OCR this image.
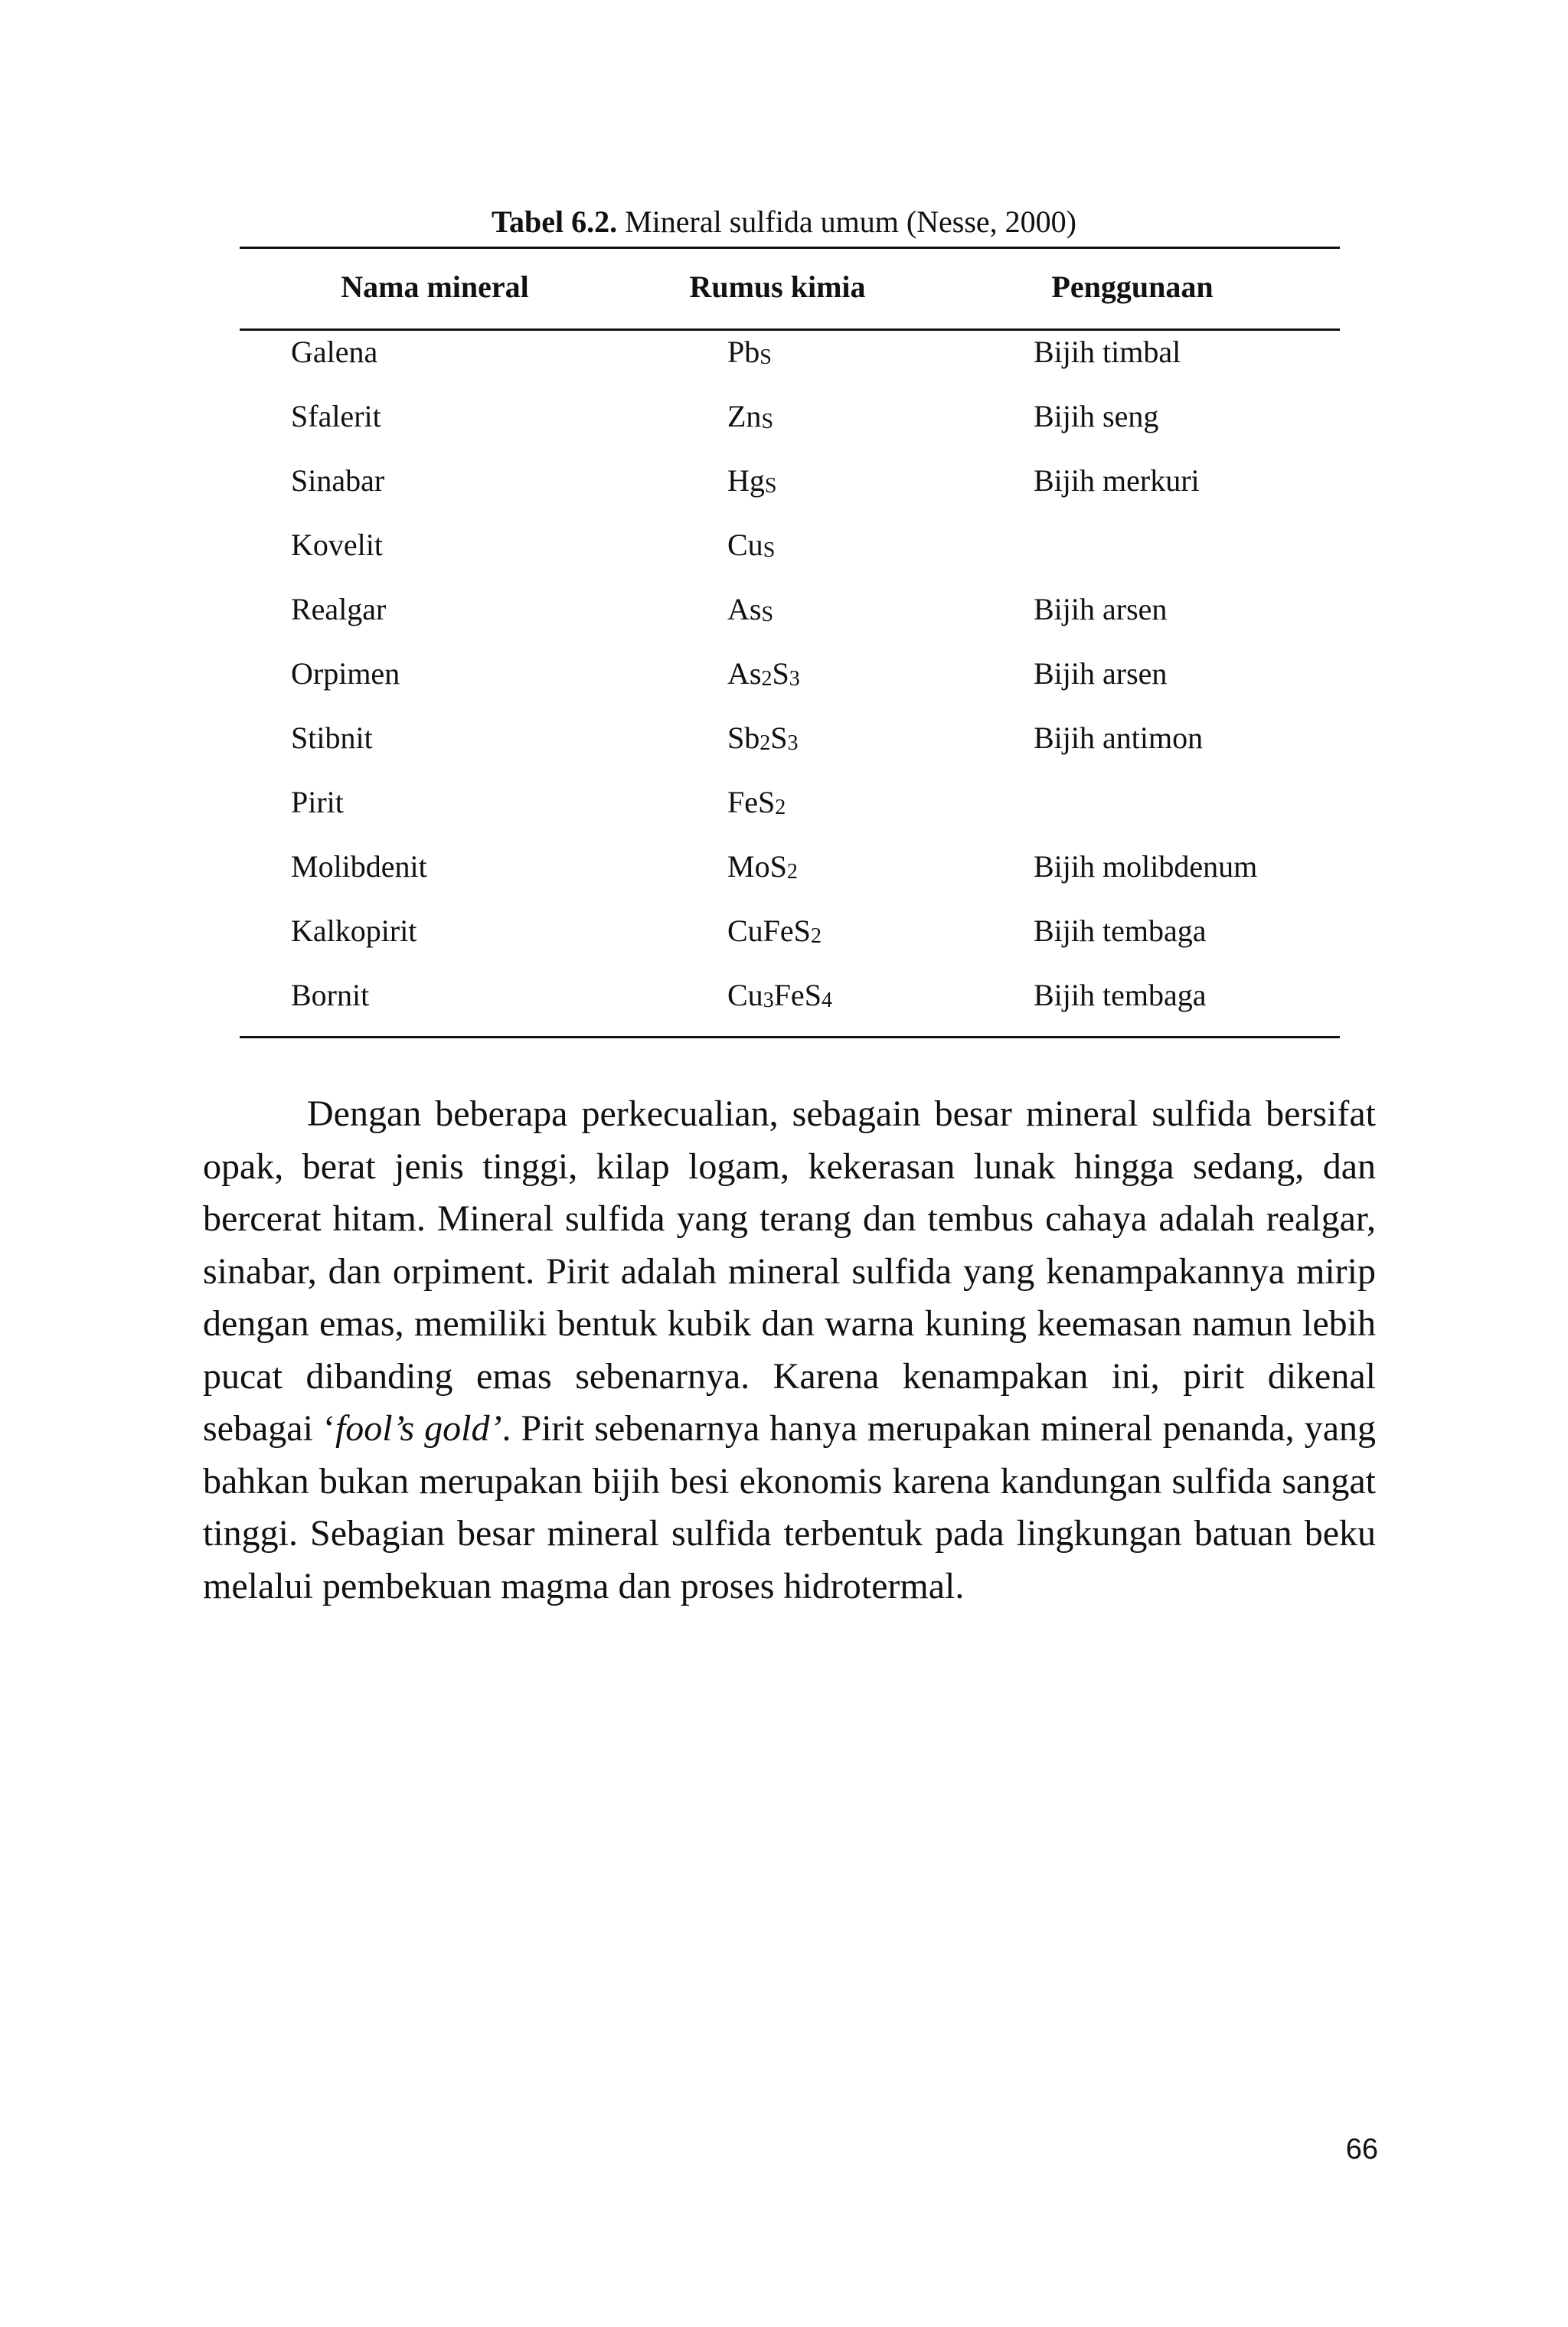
Tabel 6.2. Mineral sulfida umum (Nesse, 2000)
Nama mineral	Rumus kimia	Penggunaan
Galena	$Pb_S$	Bijih timbal
Sfalerit	$Zn_S$	Bijih seng
Sinabar	$Hg_S$	Bijih merkuri
Kovelit	$Cu_S$
Realgar	$As_S$	Bijih arsen
Orpimen	$As_2S_3$	Bijih arsen
Stibnit	$Sb_2S_3$	Bijih antimon
Pirit	FeS$_2$
Molibdenit	MoS$_2$	Bijih molibdenum
Kalkopirit	CuFeS$_2$	Bijih tembaga
Bornit	$Cu_3FeS_4$	Bijih tembaga

Dengan beberapa perkecualian, sebagain besar mineral sulfida bersifat opak, berat jenis tinggi, kilap logam, kekerasan lunak hingga sedang, dan bercerat hitam. Mineral sulfida yang terang dan tembus cahaya adalah realgar, sinabar, dan orpiment. Pirit adalah mineral sulfida yang kenampakannya mirip dengan emas, memiliki bentuk kubik dan warna kuning keemasan namun lebih pucat dibanding emas sebenarnya. Karena kenampakan ini, pirit dikenal sebagai ‘fool’s gold’. Pirit sebenarnya hanya merupakan mineral penanda, yang bahkan bukan merupakan bijih besi ekonomis karena kandungan sulfida sangat tinggi. Sebagian besar mineral sulfida terbentuk pada lingkungan batuan beku melalui pembekuan magma dan proses hidrotermal.

66
